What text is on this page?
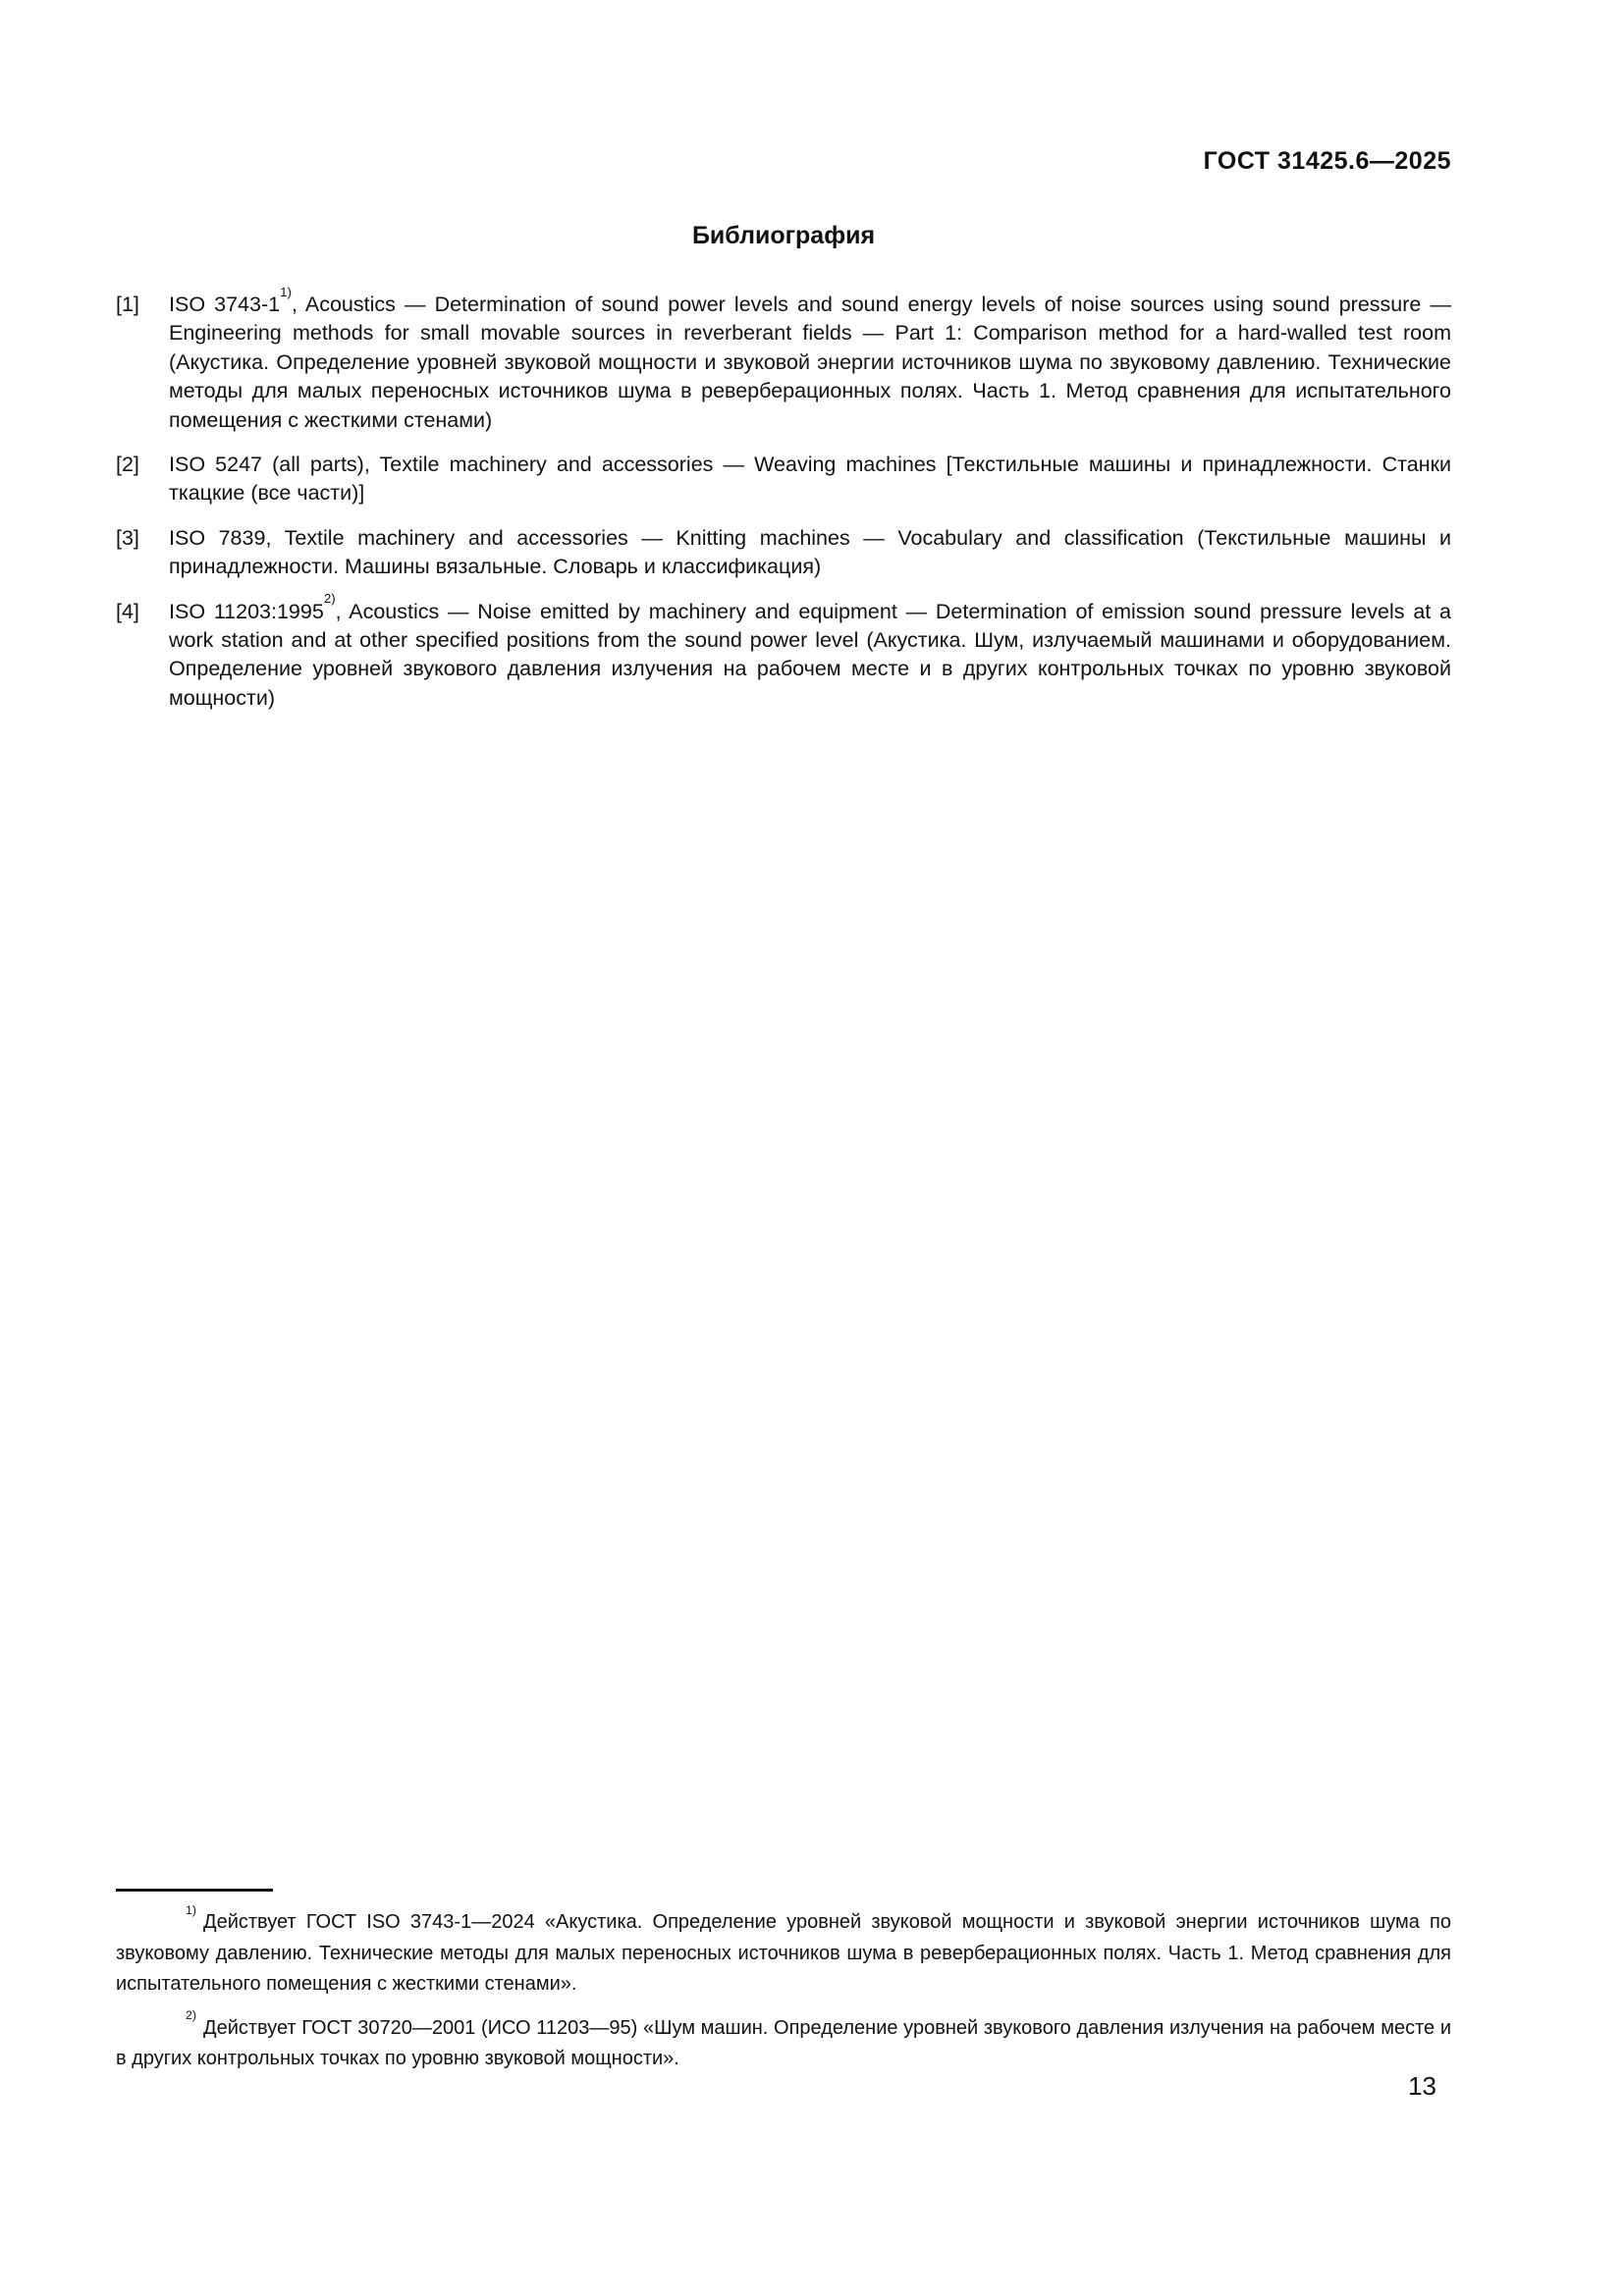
ГОСТ 31425.6—2025
Библиография
[1]	ISO 3743-1$^{1)}$, Acoustics — Determination of sound power levels and sound energy levels of noise sources using sound pressure — Engineering methods for small movable sources in reverberant fields — Part 1: Comparison method for a hard-walled test room (Акустика. Определение уровней звуковой мощности и звуковой энергии источников шума по звуковому давлению. Технические методы для малых переносных источников шума в реверберационных полях. Часть 1. Метод сравнения для испытательного помещения с жесткими стенами)

[2]	ISO 5247 (all parts), Textile machinery and accessories — Weaving machines [Текстильные машины и принадлежности. Станки ткацкие (все части)]

[3]	ISO 7839, Textile machinery and accessories — Knitting machines — Vocabulary and classification (Текстильные машины и принадлежности. Машины вязальные. Словарь и классификация)

[4]	ISO 11203:1995$^{2)}$, Acoustics — Noise emitted by machinery and equipment — Determination of emission sound pressure levels at a work station and at other specified positions from the sound power level (Акустика. Шум, излучаемый машинами и оборудованием. Определение уровней звукового давления излучения на рабочем месте и в других контрольных точках по уровню звуковой мощности)

$^{1)}$Действует ГОСТ ISO 3743-1—2024 «Акустика. Определение уровней звуковой мощности и звуковой энергии источников шума по звуковому давлению. Технические методы для малых переносных источников шума в реверберационных полях. Часть 1. Метод сравнения для испытательного помещения с жесткими стенами».

$^{2)}$Действует ГОСТ 30720—2001 (ИСО 11203—95) «Шум машин. Определение уровней звукового давления излучения на рабочем месте и в других контрольных точках по уровню звуковой мощности».

13
